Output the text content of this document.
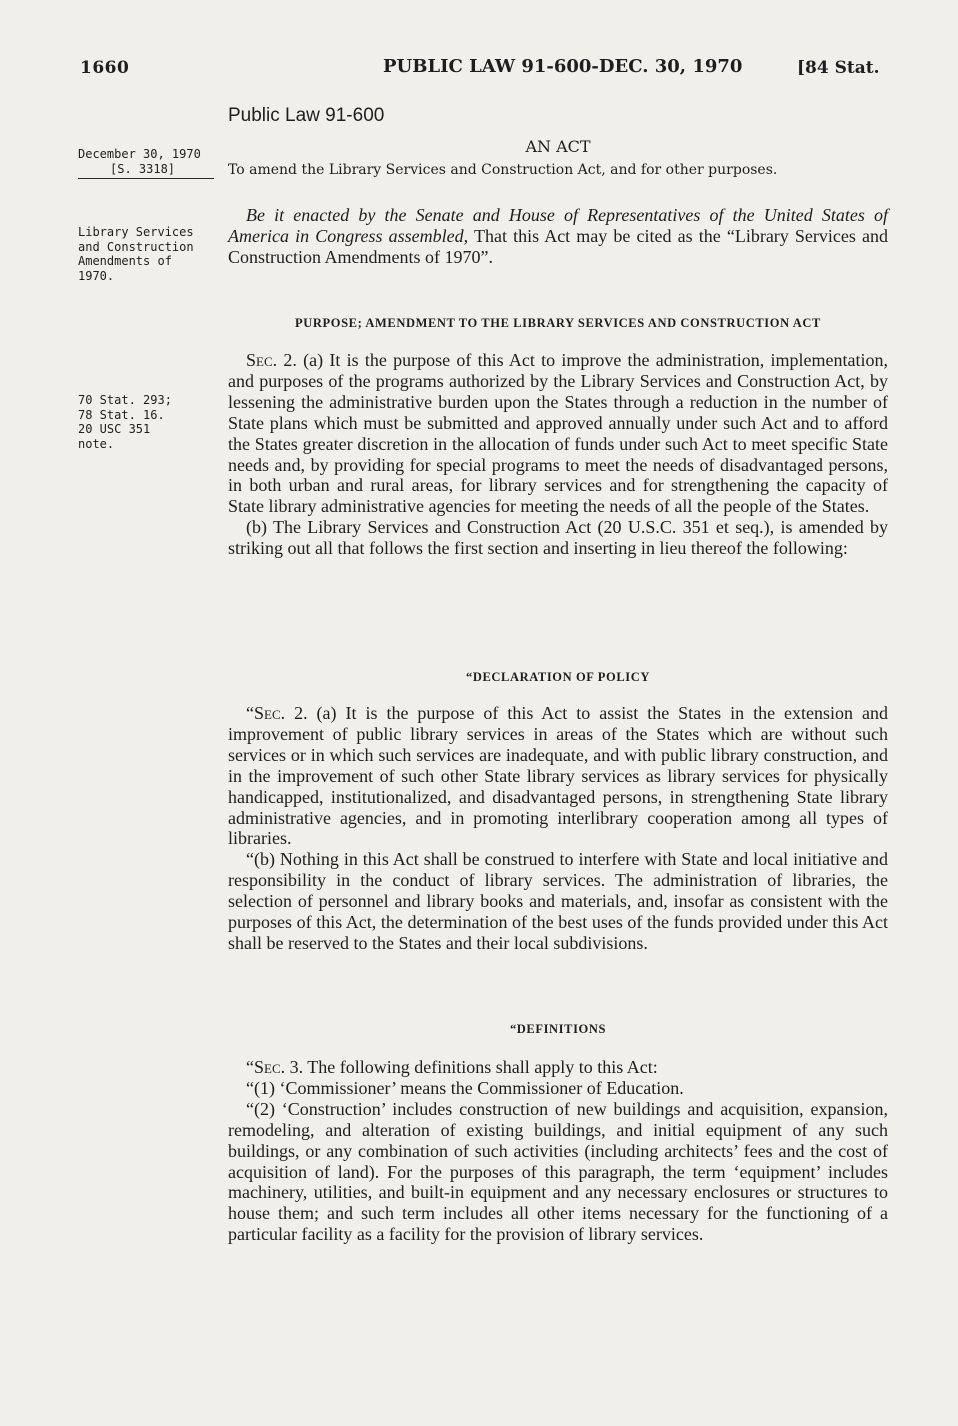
1660	PUBLIC LAW 91-600-DEC. 30, 1970	[84 Stat.
Public Law 91-600
AN ACT
December 30, 1970
[S. 3318]	To amend the Library Services and Construction Act, and for other purposes.
Library Services
and Construction
Amendments of
1970.
70 Stat. 293;
78 Stat. 16.
20 USC 351
note.

Be it enacted by the Senate and House of Representatives of the United States of America in Congress assembled, That this Act may be cited as the “Library Services and Construction Amendments of 1970”.

PURPOSE; AMENDMENT TO THE LIBRARY SERVICES AND CONSTRUCTION ACT

Sec. 2. (a) It is the purpose of this Act to improve the administration, implementation, and purposes of the programs authorized by the Library Services and Construction Act, by lessening the administrative burden upon the States through a reduction in the number of State plans which must be submitted and approved annually under such Act and to afford the States greater discretion in the allocation of funds under such Act to meet specific State needs and, by providing for special programs to meet the needs of disadvantaged persons, in both urban and rural areas, for library services and for strengthening the capacity of State library administrative agencies for meeting the needs of all the people of the States.

(b) The Library Services and Construction Act (20 U.S.C. 351 et seq.), is amended by striking out all that follows the first section and inserting in lieu thereof the following:

“DECLARATION OF POLICY

“Sec. 2. (a) It is the purpose of this Act to assist the States in the extension and improvement of public library services in areas of the States which are without such services or in which such services are inadequate, and with public library construction, and in the improvement of such other State library services as library services for physically handicapped, institutionalized, and disadvantaged persons, in strengthening State library administrative agencies, and in promoting interlibrary cooperation among all types of libraries.

“(b) Nothing in this Act shall be construed to interfere with State and local initiative and responsibility in the conduct of library services. The administration of libraries, the selection of personnel and library books and materials, and, insofar as consistent with the purposes of this Act, the determination of the best uses of the funds provided under this Act shall be reserved to the States and their local subdivisions.

“DEFINITIONS

“Sec. 3. The following definitions shall apply to this Act:

“(1) ‘Commissioner’ means the Commissioner of Education.

“(2) ‘Construction’ includes construction of new buildings and acquisition, expansion, remodeling, and alteration of existing buildings, and initial equipment of any such buildings, or any combination of such activities (including architects’ fees and the cost of acquisition of land). For the purposes of this paragraph, the term ‘equipment’ includes machinery, utilities, and built-in equipment and any necessary enclosures or structures to house them; and such term includes all other items necessary for the functioning of a particular facility as a facility for the provision of library services.
